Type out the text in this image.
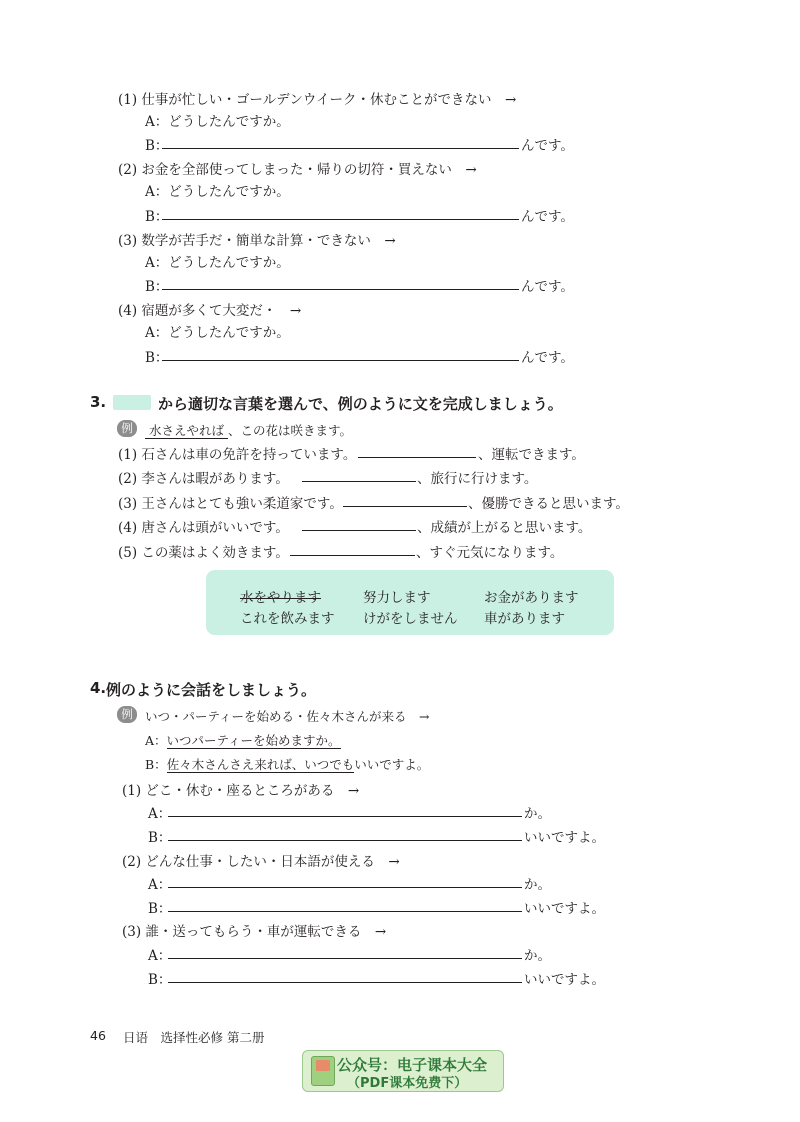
(1) 仕事が忙しい・ゴールデンウイーク・休むことができない　→
A：どうしたんですか。
B：	んです。
(2) お金を全部使ってしまった・帰りの切符・買えない　→
A：どうしたんですか。
B：	んです。
(3) 数学が苦手だ・簡単な計算・できない　→
A：どうしたんですか。
B：	んです。
(4) 宿題が多くて大変だ・　→
A：どうしたんですか。
B：	んです。
3.	から適切な言葉を選んで、例のように文を完成しましょう。
例	水さえやれば 、この花は咲きます。
(1) 石さんは車の免許を持っています。	、運転できます。
(2) 李さんは暇があります。	、旅行に行けます。
(3) 王さんはとても強い柔道家です。	、優勝できると思います。
(4) 唐さんは頭がいいです。	、成績が上がると思います。
(5) この薬はよく効きます。	、すぐ元気になります。
水をやります	努力します	お金があります
これを飲みます けがをしません 車があります
4. 例のように会話をしましょう。
例 いつ・パーティーを始める・佐々木さんが来る　→
A：いつパーティーを始めますか。
B：佐々木さんさえ来れば、いつでもいいですよ。
(1) どこ・休む・座るところがある　→
A：	か。
B：	いいですよ。
(2) どんな仕事・したい・日本語が使える　→
A：	か。
B：	いいですよ。
(3) 誰・送ってもらう・車が運転できる　→
A：	か。
B：	いいですよ。
46 日语　选择性必修 第二册
公众号：电子课本大全
（PDF课本免费下）
